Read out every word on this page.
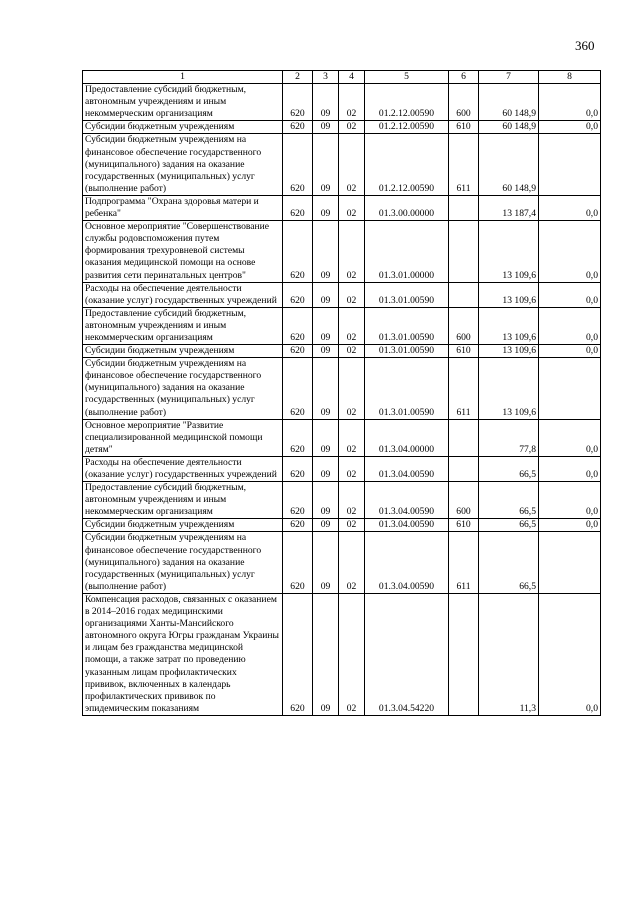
360
1	2	3	4	5	6	7	8
Предоставление субсидий бюджетным, автономным учреждениям и иным некоммерческим организациям	620	09	02	01.2.12.00590	600	60 148,9	0,0
Субсидии бюджетным учреждениям	620	09	02	01.2.12.00590	610	60 148,9	0,0
Субсидии бюджетным учреждениям на финансовое обеспечение государственного (муниципального) задания на оказание государственных (муниципальных) услуг (выполнение работ)	620	09	02	01.2.12.00590	611	60 148,9	
Подпрограмма "Охрана здоровья матери и ребенка"	620	09	02	01.3.00.00000		13 187,4	0,0
Основное мероприятие "Совершенствование службы родовспоможения путем формирования трехуровневой системы оказания медицинской помощи на основе развития сети перинатальных центров"	620	09	02	01.3.01.00000		13 109,6	0,0
Расходы на обеспечение деятельности (оказание услуг) государственных учреждений	620	09	02	01.3.01.00590		13 109,6	0,0
Предоставление субсидий бюджетным, автономным учреждениям и иным некоммерческим организациям	620	09	02	01.3.01.00590	600	13 109,6	0,0
Субсидии бюджетным учреждениям	620	09	02	01.3.01.00590	610	13 109,6	0,0
Субсидии бюджетным учреждениям на финансовое обеспечение государственного (муниципального) задания на оказание государственных (муниципальных) услуг (выполнение работ)	620	09	02	01.3.01.00590	611	13 109,6	
Основное мероприятие "Развитие специализированной медицинской помощи детям"	620	09	02	01.3.04.00000		77,8	0,0
Расходы на обеспечение деятельности (оказание услуг) государственных учреждений	620	09	02	01.3.04.00590		66,5	0,0
Предоставление субсидий бюджетным, автономным учреждениям и иным некоммерческим организациям	620	09	02	01.3.04.00590	600	66,5	0,0
Субсидии бюджетным учреждениям	620	09	02	01.3.04.00590	610	66,5	0,0
Субсидии бюджетным учреждениям на финансовое обеспечение государственного (муниципального) задания на оказание государственных (муниципальных) услуг (выполнение работ)	620	09	02	01.3.04.00590	611	66,5	
Компенсация расходов, связанных с оказанием в 2014–2016 годах медицинскими организациями Ханты-Мансийского автономного округа Югры гражданам Украины и лицам без гражданства медицинской помощи, а также затрат по проведению указанным лицам профилактических прививок, включенных в календарь профилактических прививок по эпидемическим показаниям	620	09	02	01.3.04.54220		11,3	0,0
